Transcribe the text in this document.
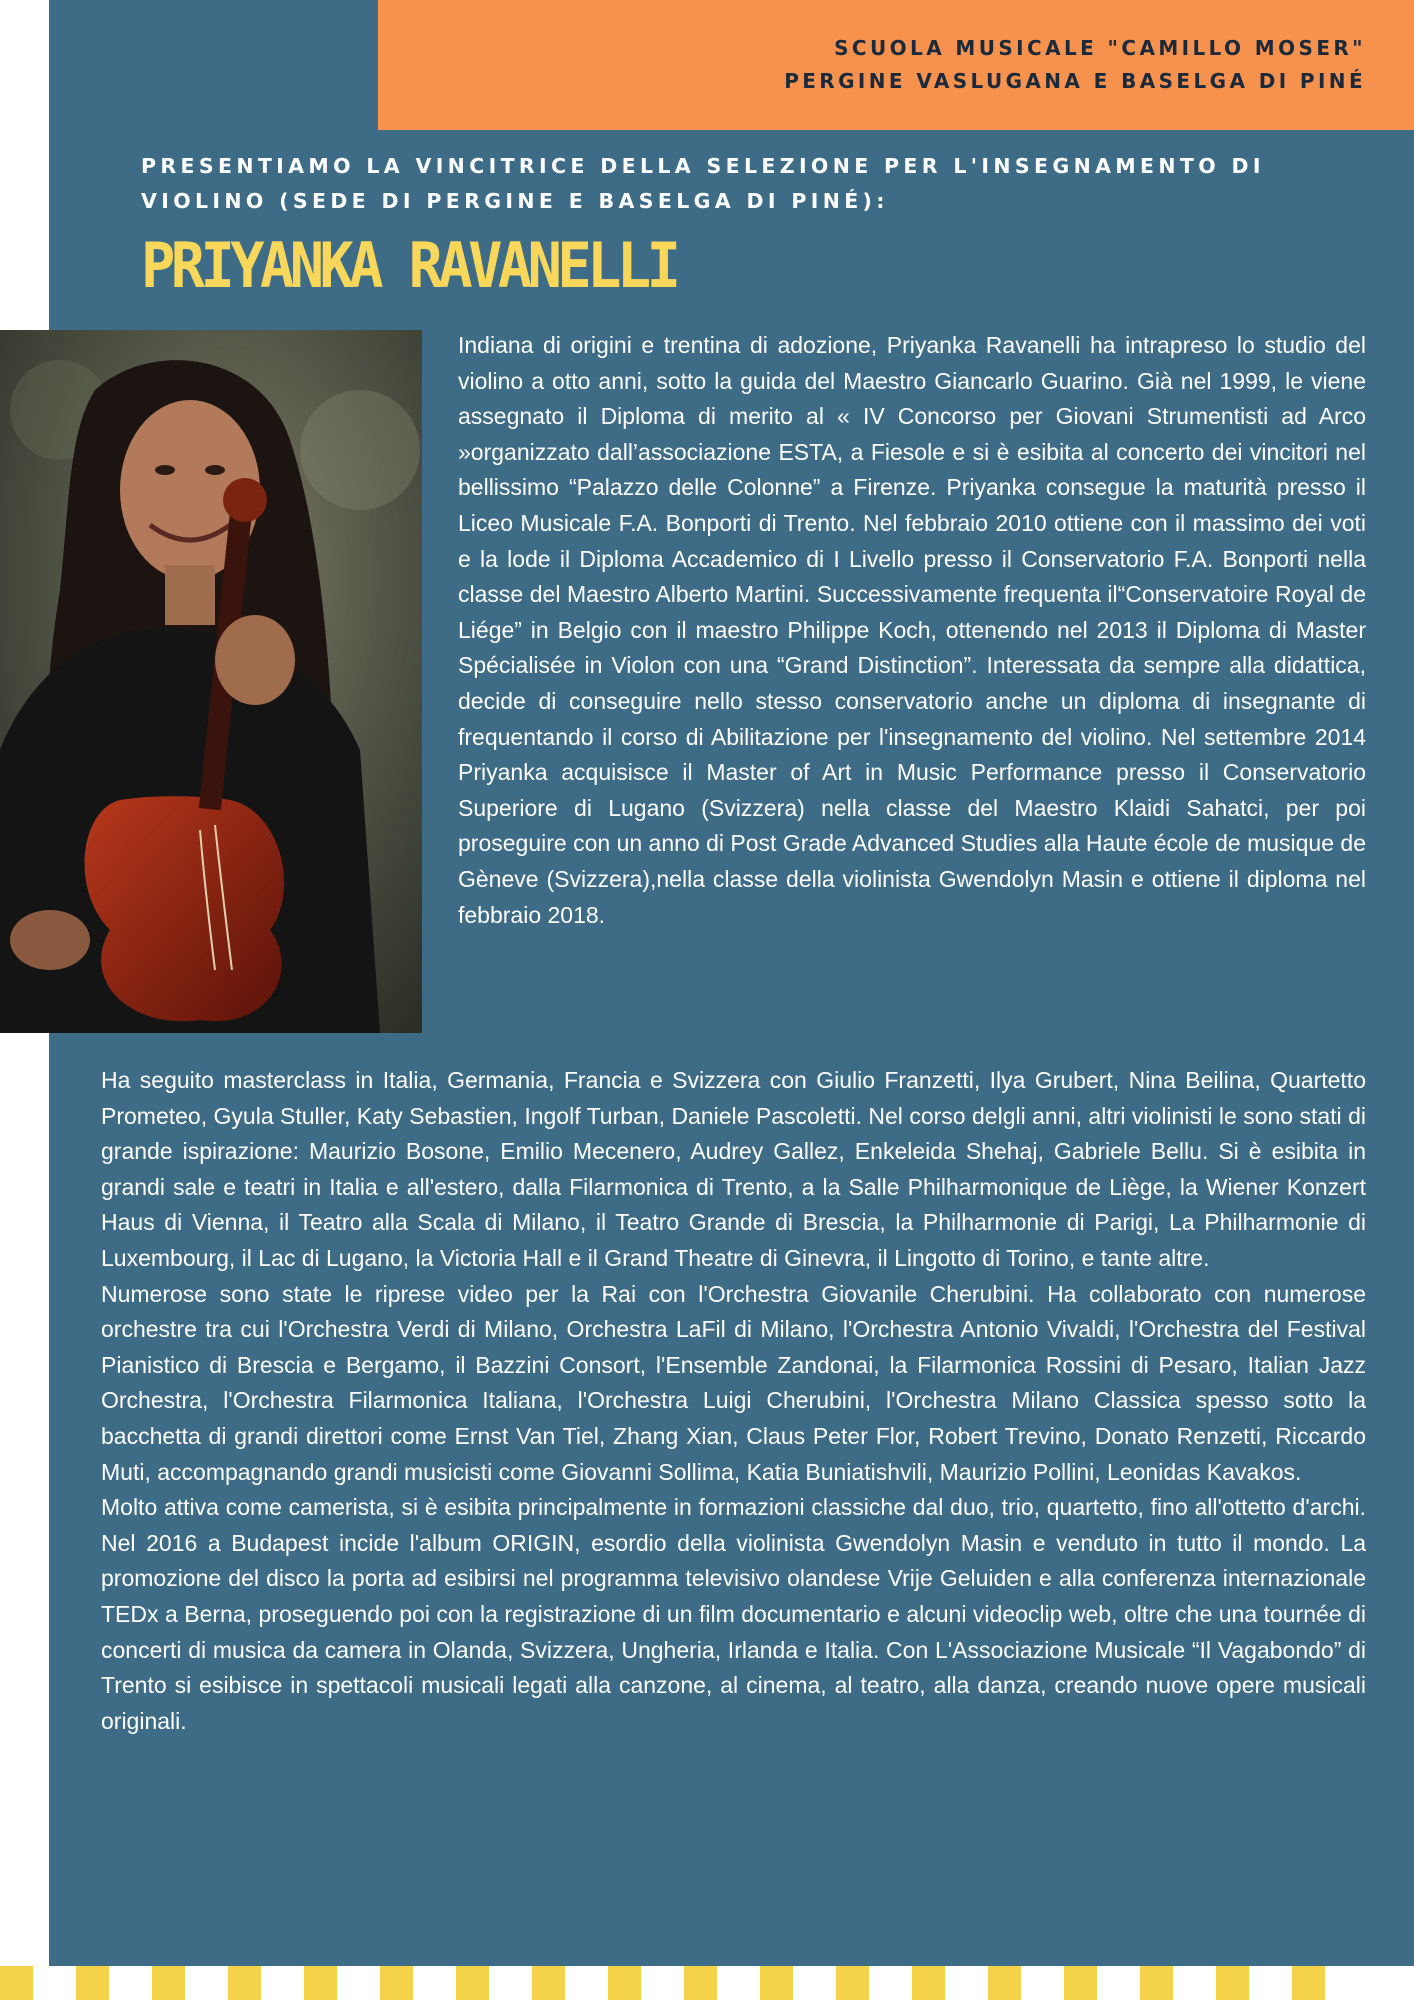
SCUOLA MUSICALE "CAMILLO MOSER"
PERGINE VASLUGANA E BASELGA DI PINÉ
PRESENTIAMO LA VINCITRICE DELLA SELEZIONE PER L'INSEGNAMENTO DI
VIOLINO (SEDE DI PERGINE E BASELGA DI PINÉ):
PRIYANKA RAVANELLI

Indiana di origini e trentina di adozione, Priyanka Ravanelli ha intrapreso lo studio del violino a otto anni, sotto la guida del Maestro Giancarlo Guarino. Già nel 1999, le viene assegnato il Diploma di merito al « IV Concorso per Giovani Strumentisti ad Arco »organizzato dall’associazione ESTA, a Fiesole e si è esibita al concerto dei vincitori nel bellissimo “Palazzo delle Colonne” a Firenze. Priyanka consegue la maturità presso il Liceo Musicale F.A. Bonporti di Trento. Nel febbraio 2010 ottiene con il massimo dei voti e la lode il Diploma Accademico di I Livello presso il Conservatorio F.A. Bonporti nella classe del Maestro Alberto Martini. Successivamente frequenta il“Conservatoire Royal de Liége” in Belgio con il maestro Philippe Koch, ottenendo nel 2013 il Diploma di Master Spécialisée in Violon con una “Grand Distinction”. Interessata da sempre alla didattica, decide di conseguire nello stesso conservatorio anche un diploma di insegnante di frequentando il corso di Abilitazione per l'insegnamento del violino. Nel settembre 2014 Priyanka acquisisce il Master of Art in Music Performance presso il Conservatorio Superiore di Lugano (Svizzera) nella classe del Maestro Klaidi Sahatci, per poi proseguire con un anno di Post Grade Advanced Studies alla Haute école de musique de Gèneve (Svizzera),nella classe della violinista Gwendolyn Masin e ottiene il diploma nel febbraio 2018.

Ha seguito masterclass in Italia, Germania, Francia e Svizzera con Giulio Franzetti, Ilya Grubert, Nina Beilina, Quartetto Prometeo, Gyula Stuller, Katy Sebastien, Ingolf Turban, Daniele Pascoletti. Nel corso delgli anni, altri violinisti le sono stati di grande ispirazione: Maurizio Bosone, Emilio Mecenero, Audrey Gallez, Enkeleida Shehaj, Gabriele Bellu. Si è esibita in grandi sale e teatri in Italia e all'estero, dalla Filarmonica di Trento, a la Salle Philharmonique de Liège, la Wiener Konzert Haus di Vienna, il Teatro alla Scala di Milano, il Teatro Grande di Brescia, la Philharmonie di Parigi, La Philharmonie di Luxembourg, il Lac di Lugano, la Victoria Hall e il Grand Theatre di Ginevra, il Lingotto di Torino, e tante altre.

Numerose sono state le riprese video per la Rai con l'Orchestra Giovanile Cherubini. Ha collaborato con numerose orchestre tra cui l'Orchestra Verdi di Milano, Orchestra LaFil di Milano, l'Orchestra Antonio Vivaldi, l'Orchestra del Festival Pianistico di Brescia e Bergamo, il Bazzini Consort, l'Ensemble Zandonai, la Filarmonica Rossini di Pesaro, Italian Jazz Orchestra, l'Orchestra Filarmonica Italiana, l'Orchestra Luigi Cherubini, l'Orchestra Milano Classica spesso sotto la bacchetta di grandi direttori come Ernst Van Tiel, Zhang Xian, Claus Peter Flor, Robert Trevino, Donato Renzetti, Riccardo Muti, accompagnando grandi musicisti come Giovanni Sollima, Katia Buniatishvili, Maurizio Pollini, Leonidas Kavakos.

Molto attiva come camerista, si è esibita principalmente in formazioni classiche dal duo, trio, quartetto, fino all'ottetto d'archi. Nel 2016 a Budapest incide l'album ORIGIN, esordio della violinista Gwendolyn Masin e venduto in tutto il mondo. La promozione del disco la porta ad esibirsi nel programma televisivo olandese Vrije Geluiden e alla conferenza internazionale TEDx a Berna, proseguendo poi con la registrazione di un film documentario e alcuni videoclip web, oltre che una tournée di concerti di musica da camera in Olanda, Svizzera, Ungheria, Irlanda e Italia. Con L'Associazione Musicale “Il Vagabondo” di Trento si esibisce in spettacoli musicali legati alla canzone, al cinema, al teatro, alla danza, creando nuove opere musicali originali.
